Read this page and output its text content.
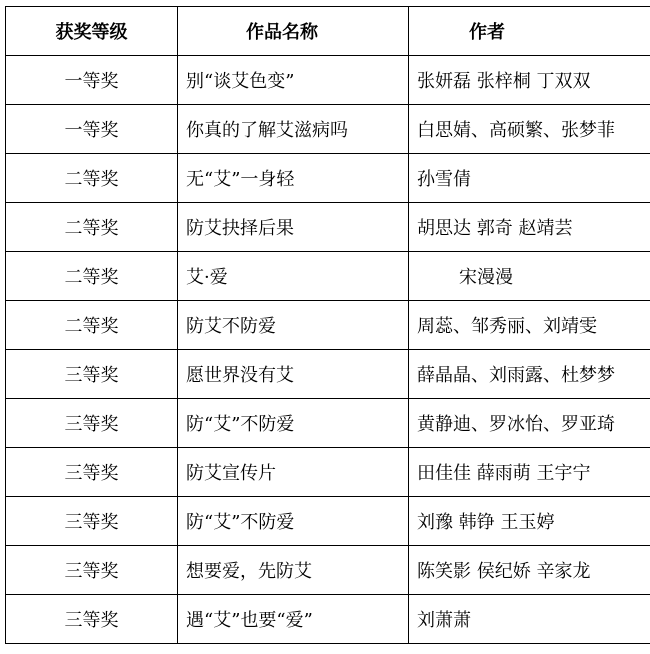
获奖等级	作品名称	作者
一等奖	别“谈艾色变”	张妍磊 张梓桐 丁双双
一等奖	你真的了解艾滋病吗	白思婧、高硕繁、张梦菲
二等奖	无“艾”一身轻	孙雪倩
二等奖	防艾抉择后果	胡思达 郭奇 赵靖芸
二等奖	艾·爱	宋漫漫
二等奖	防艾不防爱	周蕊、邹秀丽、刘靖雯
三等奖	愿世界没有艾	薛晶晶、刘雨露、杜梦梦
三等奖	防“艾”不防爱	黄静迪、罗冰怡、罗亚琦
三等奖	防艾宣传片	田佳佳 薛雨萌 王宇宁
三等奖	防“艾”不防爱	刘豫 韩铮 王玉婷
三等奖	想要爱，先防艾	陈笑影 侯纪娇 辛家龙
三等奖	遇“艾”也要“爱”	刘萧萧
